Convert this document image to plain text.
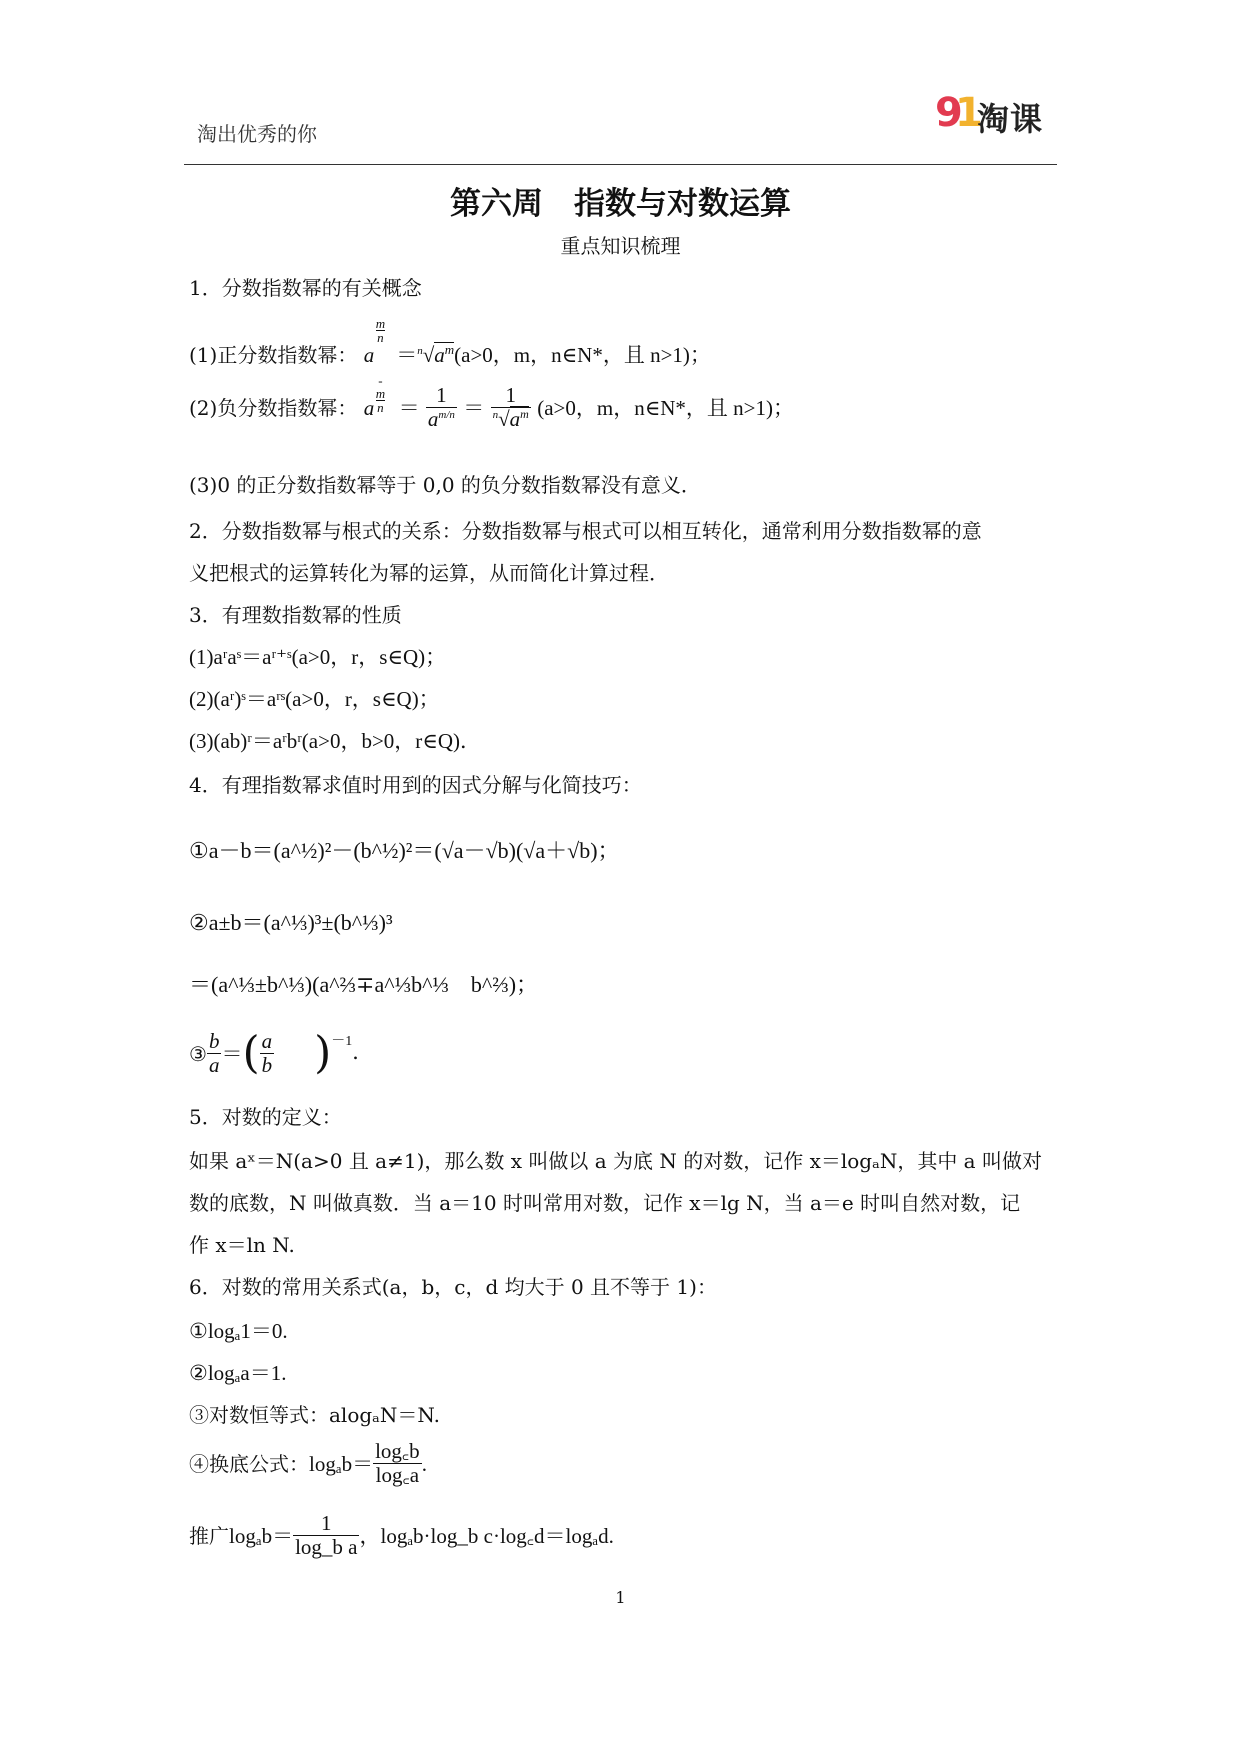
淘出优秀的你	9
1
淘课
第六周　指数与对数运算
重点知识梳理
1．分数指数幂的有关概念
(1)正分数指数幂： a
m
n
$=^n√a^m(a>0$，m，n∈N*，且 n>1)；
(2)负分数指数幂： a
-
m
$n = \frac{1}{a^{m/n}} = \frac{1}{^n√a^m} (a>0$，m，n∈N*，且 n>1)；
(3)0 的正分数指数幂等于 0,0 的负分数指数幂没有意义．
2．分数指数幂与根式的关系：分数指数幂与根式可以相互转化，通常利用分数指数幂的意
义把根式的运算转化为幂的运算，从而简化计算过程．
3．有理数指数幂的性质
(1)aʳaˢ＝aʳ⁺ˢ(a>0，r，s∈Q)；
(2)(aʳ)ˢ＝aʳˢ(a>0，r，s∈Q)；
(3)(ab)ʳ＝aʳbʳ(a>0，b>0，r∈Q)．
4．有理指数幂求值时用到的因式分解与化简技巧：
①a－b＝(a^½)²－(b^½)²＝(√a－√b)(√a＋√b)；
②a±b＝(a^⅓)³±(b^⅓)³
＝(a^⅓±b^⅓)(a^⅔∓a^⅓b^⅓　b^⅔)；
③ $\frac{b}{a}$ ＝( $\frac{a}{b} )^{-1}$．
5．对数的定义：
如果 aˣ＝N(a>0 且 a≠1)，那么数 x 叫做以 a 为底 N 的对数，记作 x＝logₐN，其中 a 叫做对
数的底数，N 叫做真数．当 a＝10 时叫常用对数，记作 x＝lg N，当 a＝e 时叫自然对数，记
作 x＝ln N.
6．对数的常用关系式(a，b，c，d 均大于 0 且不等于 1)：
①logₐ1＝0.
②logₐa＝1.
③对数恒等式：alogₐN＝N.
④换底公式：$\log_ab= \frac{\log꜀b}{\log꜀a}$ .
推广$\log_ab= \frac{1}{\text{log\_b a}}$ ，logₐb·log_b c·log꜀d＝logₐd.
1
